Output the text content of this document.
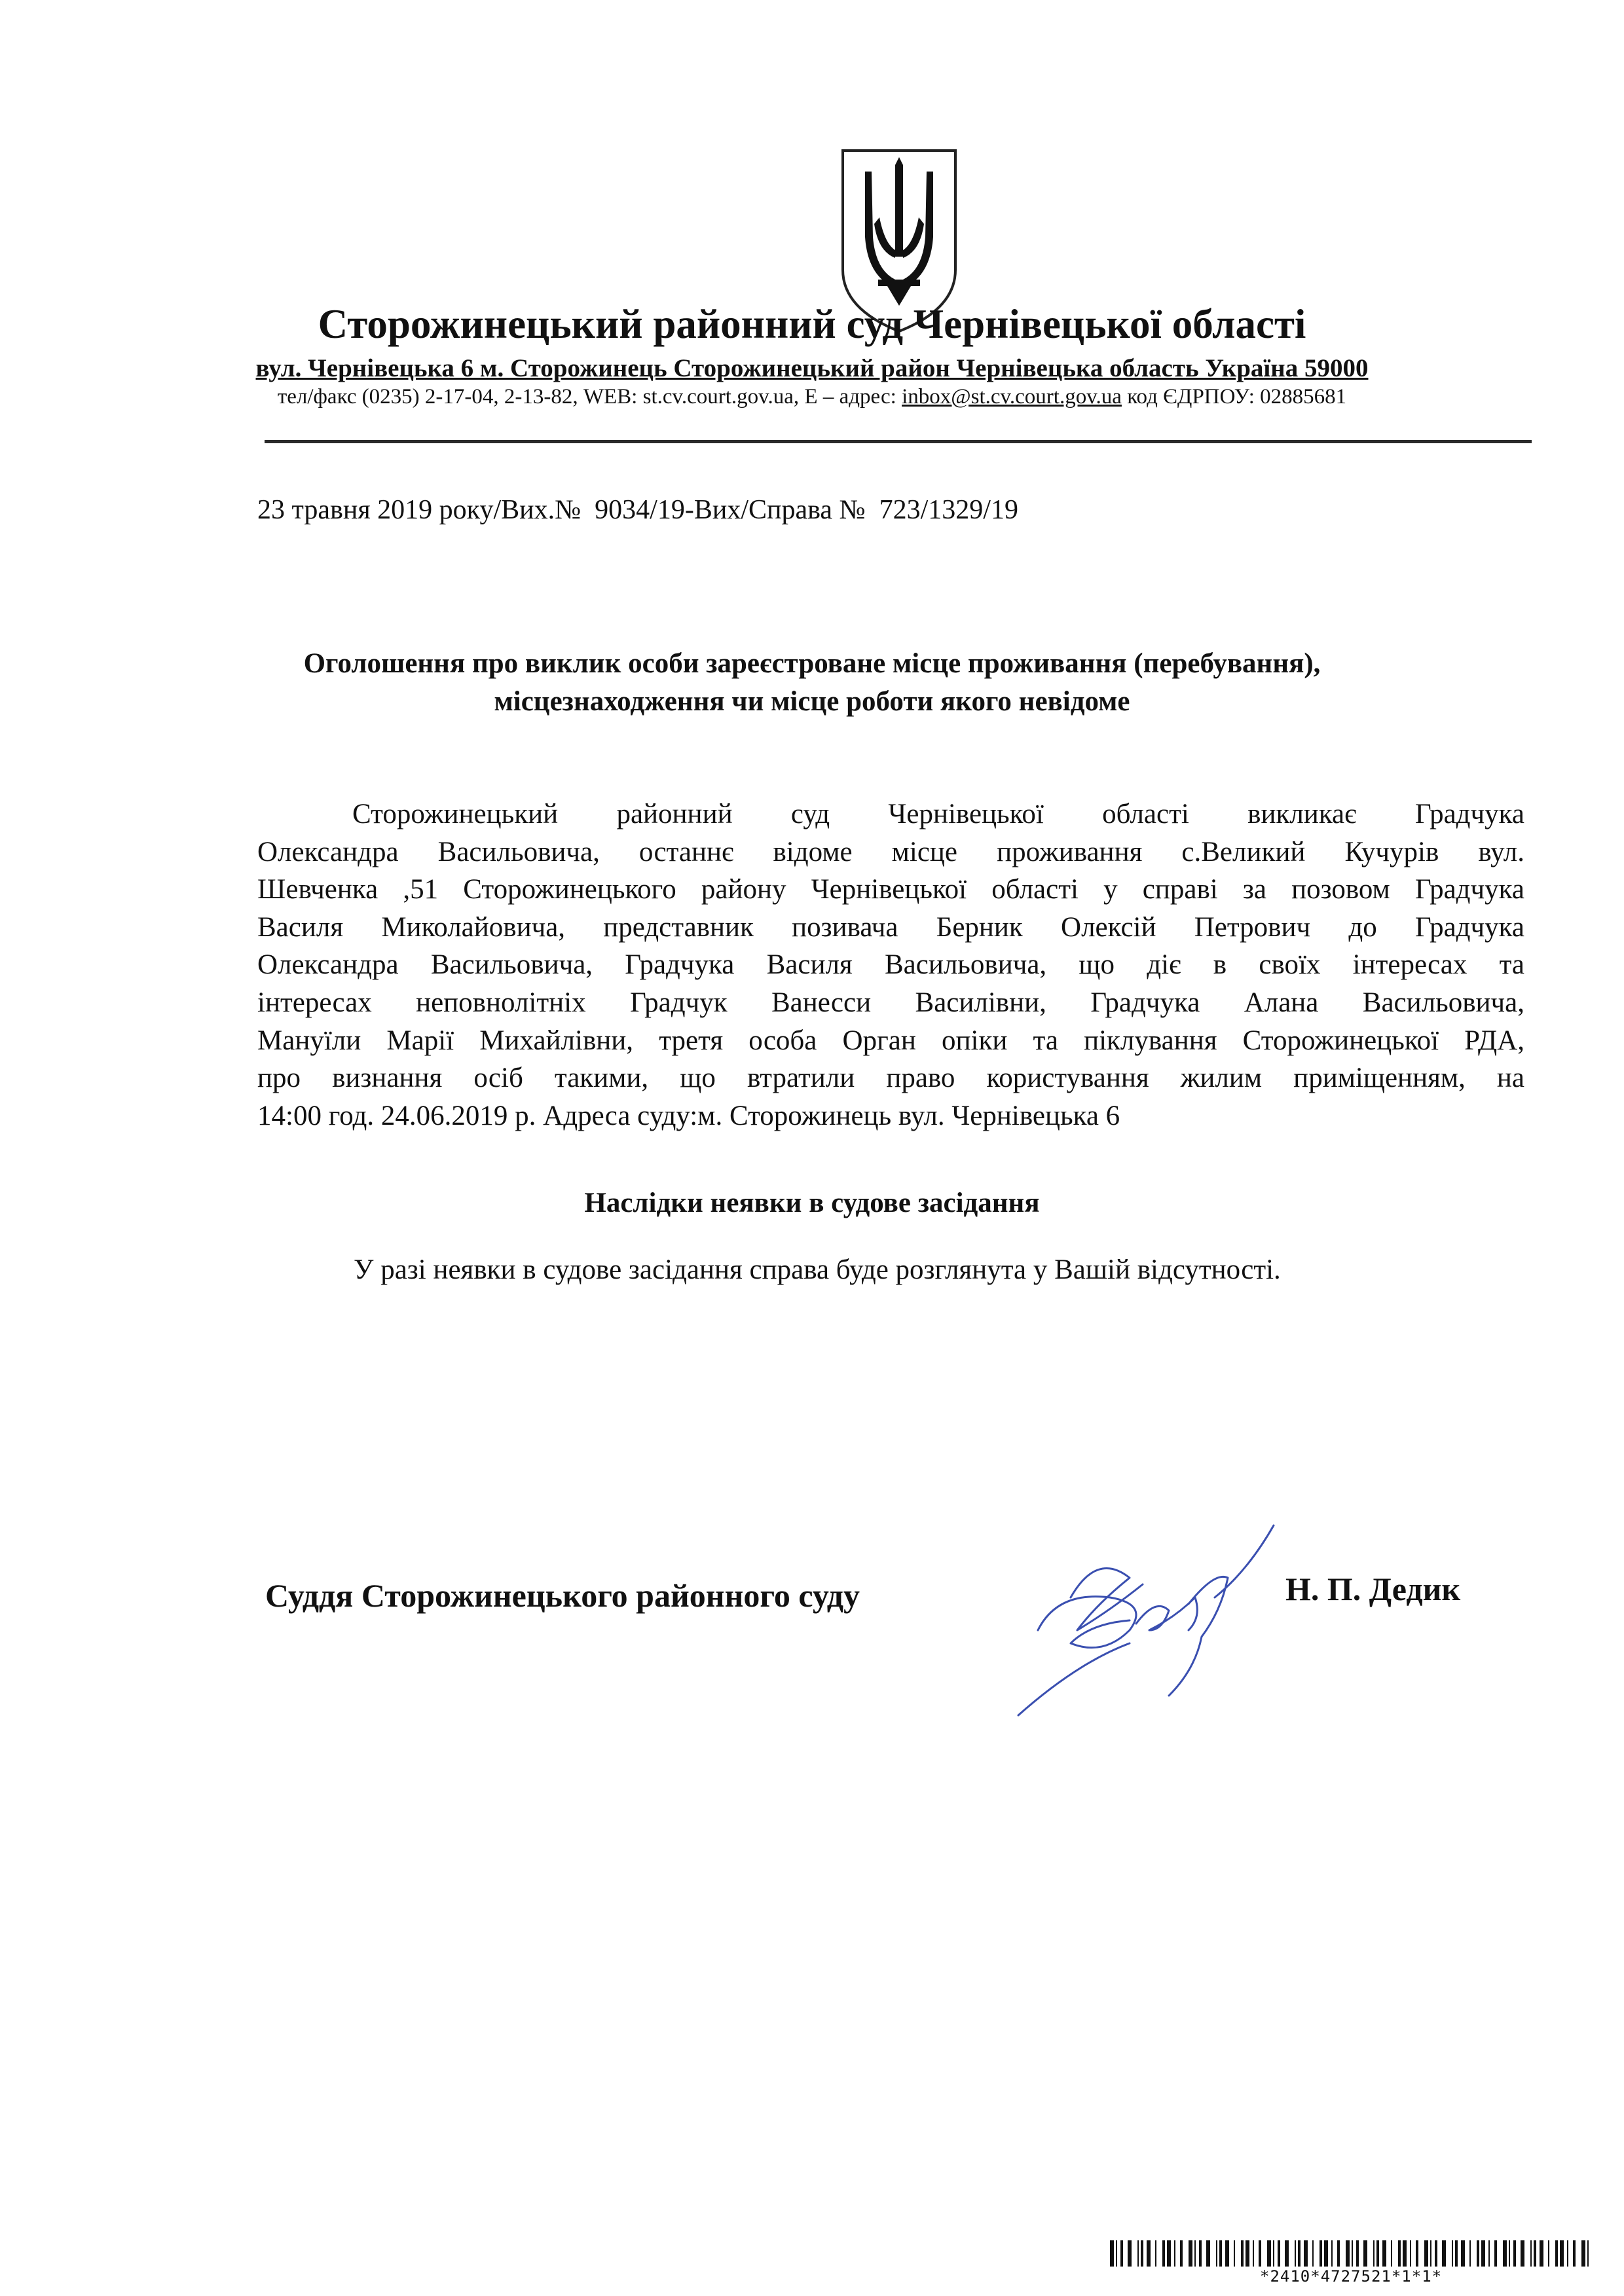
Сторожинецький районний суд Чернівецької області
вул. Чернівецька 6 м. Сторожинець Сторожинецький район Чернівецька область Україна 59000
тел/факс (0235) 2-17-04, 2-13-82, WEB: st.cv.court.gov.ua, E – адрес: inbox@st.cv.court.gov.ua код ЄДРПОУ: 02885681
23 травня 2019 року/Вих.№  9034/19-Вих/Справа №  723/1329/19
Оголошення про виклик особи зареєстроване місце проживання (перебування),
місцезнаходження чи місце роботи якого невідоме
Сторожинецький районний суд Чернівецької області викликає Градчука
Олександра Васильовича, останнє відоме місце проживання с.Великий Кучурів вул.
Шевченка ,51 Сторожинецького району Чернівецької області у справі за позовом Градчука
Василя Миколайовича, представник позивача Берник Олексій Петрович до Градчука
Олександра Васильовича, Градчука Василя Васильовича, що діє в своїх інтересах та
інтересах неповнолітніх Градчук Ванесси Василівни, Градчука Алана Васильовича,
Мануїли Марії Михайлівни, третя особа Орган опіки та піклування Сторожинецької РДА,
про визнання осіб такими, що втратили право користування жилим приміщенням, на
14:00 год. 24.06.2019 р. Адреса суду:м. Сторожинець вул. Чернівецька 6
Наслідки неявки в судове засідання
У разі неявки в судове засідання справа буде розглянута у Вашій відсутності.
Суддя Сторожинецького районного суду	Н. П. Дедик
*2410*4727521*1*1*
